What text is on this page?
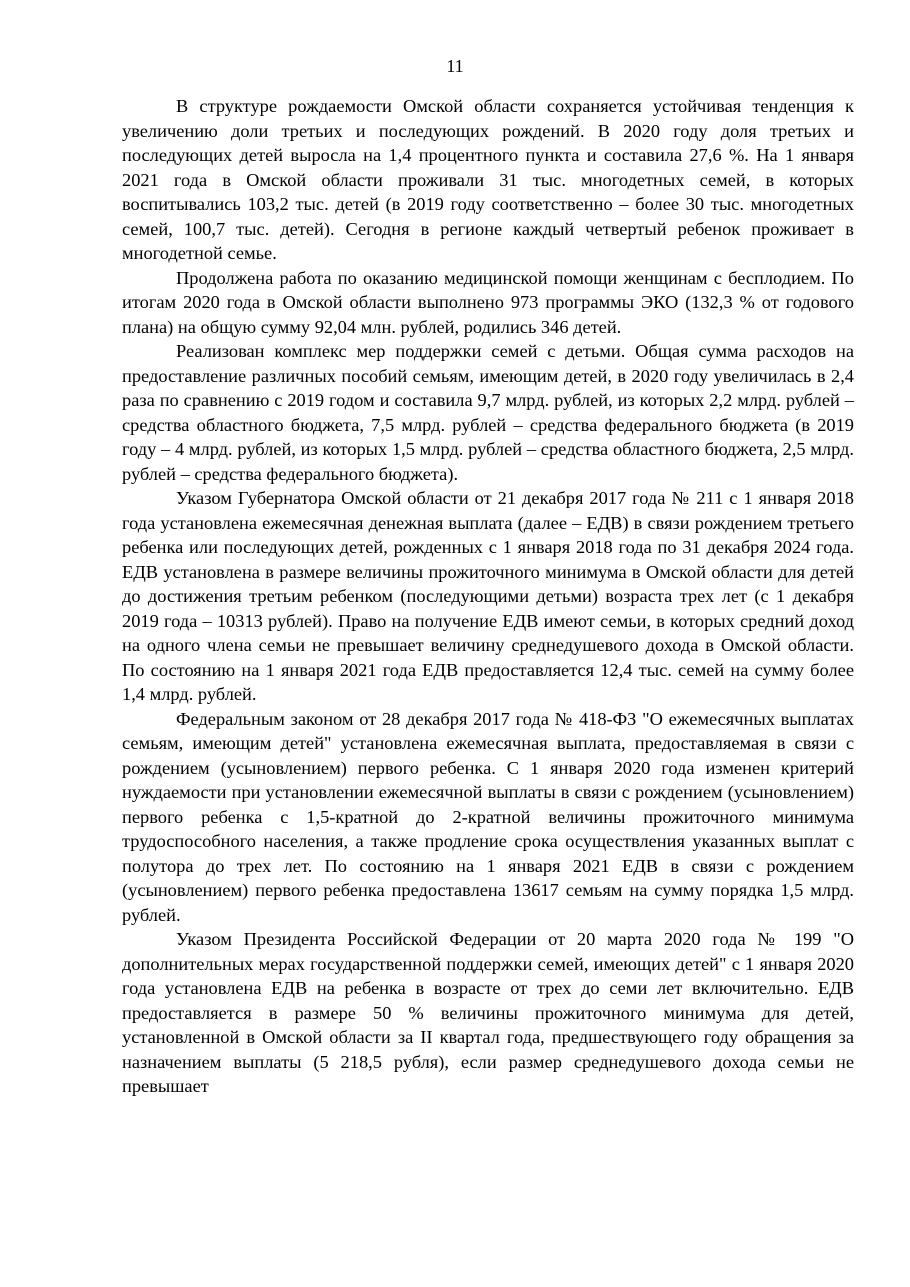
11

В структуре рождаемости Омской области сохраняется устойчивая тенденция к увеличению доли третьих и последующих рождений. В 2020 году доля третьих и последующих детей выросла на 1,4 процентного пункта и составила 27,6 %. На 1 января 2021 года в Омской области проживали 31 тыс. многодетных семей, в которых воспитывались 103,2 тыс. детей (в 2019 году соответственно – более 30 тыс. многодетных семей, 100,7 тыс. детей). Сегодня в регионе каждый четвертый ребенок проживает в многодетной семье.

Продолжена работа по оказанию медицинской помощи женщинам с бесплодием. По итогам 2020 года в Омской области выполнено 973 программы ЭКО (132,3 % от годового плана) на общую сумму 92,04 млн. рублей, родились 346 детей.

Реализован комплекс мер поддержки семей с детьми. Общая сумма расходов на предоставление различных пособий семьям, имеющим детей, в 2020 году увеличилась в 2,4 раза по сравнению с 2019 годом и составила 9,7 млрд. рублей, из которых 2,2 млрд. рублей – средства областного бюджета, 7,5 млрд. рублей – средства федерального бюджета (в 2019 году – 4 млрд. рублей, из которых 1,5 млрд. рублей – средства областного бюджета, 2,5 млрд. рублей – средства федерального бюджета).

Указом Губернатора Омской области от 21 декабря 2017 года № 211 с 1 января 2018 года установлена ежемесячная денежная выплата (далее – ЕДВ) в связи рождением третьего ребенка или последующих детей, рожденных с 1 января 2018 года по 31 декабря 2024 года. ЕДВ установлена в размере величины прожиточного минимума в Омской области для детей до достижения третьим ребенком (последующими детьми) возраста трех лет (с 1 декабря 2019 года – 10313 рублей). Право на получение ЕДВ имеют семьи, в которых средний доход на одного члена семьи не превышает величину среднедушевого дохода в Омской области. По состоянию на 1 января 2021 года ЕДВ предоставляется 12,4 тыс. семей на сумму более 1,4 млрд. рублей.

Федеральным законом от 28 декабря 2017 года № 418-ФЗ "О ежемесячных выплатах семьям, имеющим детей" установлена ежемесячная выплата, предоставляемая в связи с рождением (усыновлением) первого ребенка. С 1 января 2020 года изменен критерий нуждаемости при установлении ежемесячной выплаты в связи с рождением (усыновлением) первого ребенка с 1,5-кратной до 2-кратной величины прожиточного минимума трудоспособного населения, а также продление срока осуществления указанных выплат с полутора до трех лет. По состоянию на 1 января 2021 ЕДВ в связи с рождением (усыновлением) первого ребенка предоставлена 13617 семьям на сумму порядка 1,5 млрд. рублей.

Указом Президента Российской Федерации от 20 марта 2020 года № 199 "О дополнительных мерах государственной поддержки семей, имеющих детей" с 1 января 2020 года установлена ЕДВ на ребенка в возрасте от трех до семи лет включительно. ЕДВ предоставляется в размере 50 % величины прожиточного минимума для детей, установленной в Омской области за II квартал года, предшествующего году обращения за назначением выплаты (5 218,5 рубля), если размер среднедушевого дохода семьи не превышает
